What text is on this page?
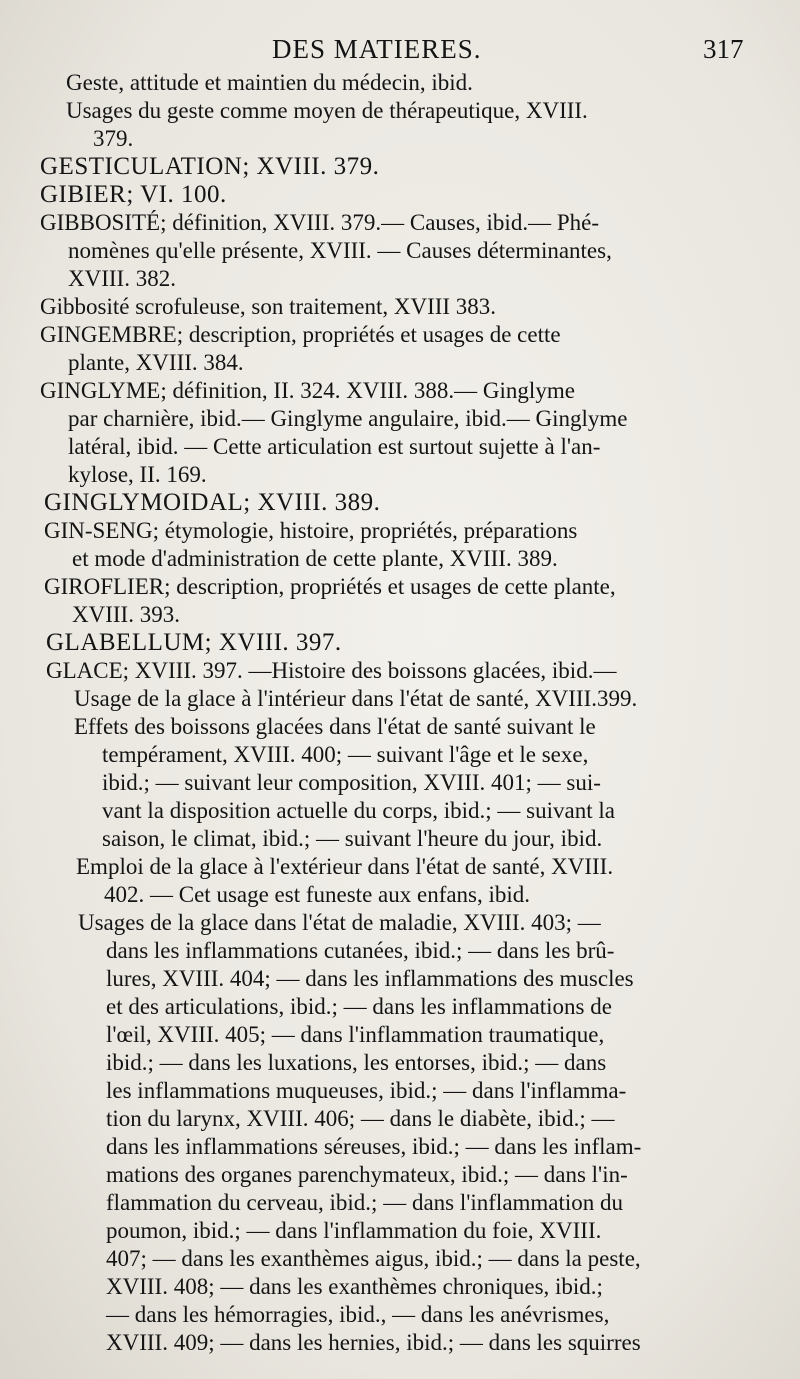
DES MATIERES.	317
Geste, attitude et maintien du médecin, ibid.
Usages du geste comme moyen de thérapeutique, XVIII.
379.
GESTICULATION; XVIII. 379.
GIBIER; VI. 100.
GIBBOSITÉ; définition, XVIII. 379.— Causes, ibid.— Phé-
nomènes qu'elle présente, XVIII. — Causes déterminantes,
XVIII. 382.
Gibbosité scrofuleuse, son traitement, XVIII 383.
GINGEMBRE; description, propriétés et usages de cette
plante, XVIII. 384.
GINGLYME; définition, II. 324. XVIII. 388.— Ginglyme
par charnière, ibid.— Ginglyme angulaire, ibid.— Ginglyme
latéral, ibid. — Cette articulation est surtout sujette à l'an-
kylose, II. 169.
GINGLYMOIDAL; XVIII. 389.
GIN-SENG; étymologie, histoire, propriétés, préparations
et mode d'administration de cette plante, XVIII. 389.
GIROFLIER; description, propriétés et usages de cette plante,
XVIII. 393.
GLABELLUM; XVIII. 397.
GLACE; XVIII. 397. —Histoire des boissons glacées, ibid.—
Usage de la glace à l'intérieur dans l'état de santé, XVIII.399.
Effets des boissons glacées dans l'état de santé suivant le
tempérament, XVIII. 400; — suivant l'âge et le sexe,
ibid.; — suivant leur composition, XVIII. 401; — sui-
vant la disposition actuelle du corps, ibid.; — suivant la
saison, le climat, ibid.; — suivant l'heure du jour, ibid.
Emploi de la glace à l'extérieur dans l'état de santé, XVIII.
402. — Cet usage est funeste aux enfans, ibid.
Usages de la glace dans l'état de maladie, XVIII. 403; —
dans les inflammations cutanées, ibid.; — dans les brû-
lures, XVIII. 404; — dans les inflammations des muscles
et des articulations, ibid.; — dans les inflammations de
l'œil, XVIII. 405; — dans l'inflammation traumatique,
ibid.; — dans les luxations, les entorses, ibid.; — dans
les inflammations muqueuses, ibid.; — dans l'inflamma-
tion du larynx, XVIII. 406; — dans le diabète, ibid.; —
dans les inflammations séreuses, ibid.; — dans les inflam-
mations des organes parenchymateux, ibid.; — dans l'in-
flammation du cerveau, ibid.; — dans l'inflammation du
poumon, ibid.; — dans l'inflammation du foie, XVIII.
407; — dans les exanthèmes aigus, ibid.; — dans la peste,
XVIII. 408; — dans les exanthèmes chroniques, ibid.;
— dans les hémorragies, ibid., — dans les anévrismes,
XVIII. 409; — dans les hernies, ibid.; — dans les squirres
